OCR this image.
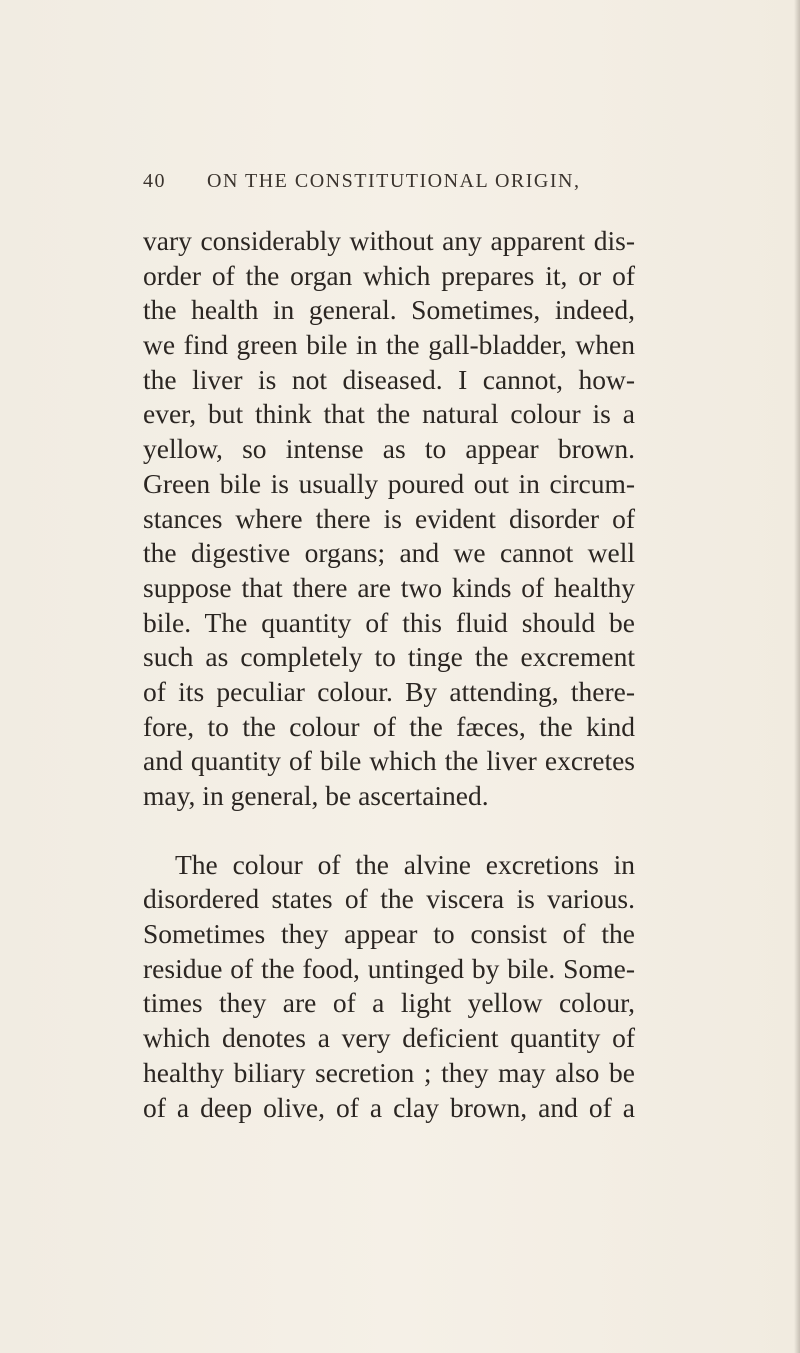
40 ON THE CONSTITUTIONAL ORIGIN,
vary considerably without any apparent dis-
order of the organ which prepares it, or of
the health in general. Sometimes, indeed,
we find green bile in the gall-bladder, when
the liver is not diseased. I cannot, how-
ever, but think that the natural colour is a
yellow, so intense as to appear brown.
Green bile is usually poured out in circum-
stances where there is evident disorder of
the digestive organs; and we cannot well
suppose that there are two kinds of healthy
bile. The quantity of this fluid should be
such as completely to tinge the excrement
of its peculiar colour. By attending, there-
fore, to the colour of the fæces, the kind
and quantity of bile which the liver excretes
may, in general, be ascertained.
The colour of the alvine excretions in
disordered states of the viscera is various.
Sometimes they appear to consist of the
residue of the food, untinged by bile. Some-
times they are of a light yellow colour,
which denotes a very deficient quantity of
healthy biliary secretion ; they may also be
of a deep olive, of a clay brown, and of a
